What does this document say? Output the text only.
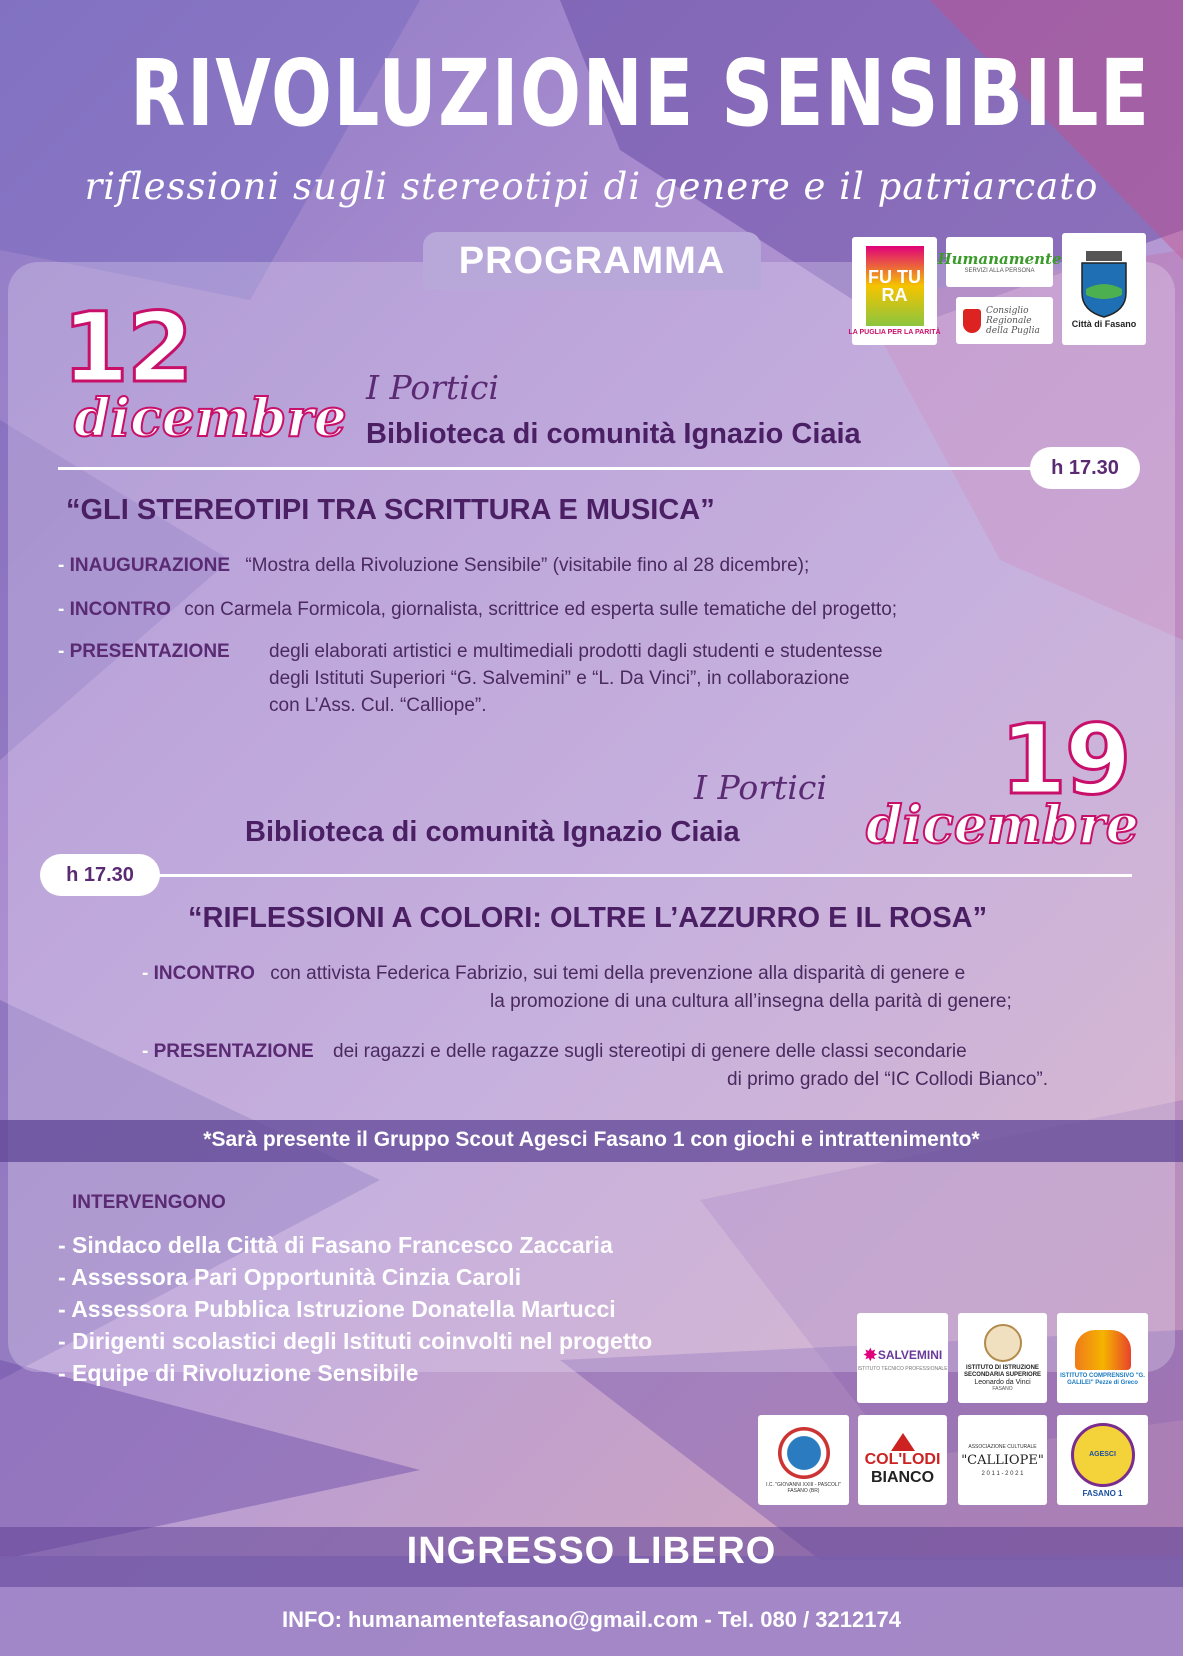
RIVOLUZIONE SENSIBILE
riflessioni sugli stereotipi di genere e il patriarcato
PROGRAMMA	FU TU RA
LA PUGLIA PER LA PARITÀ
Humanamente
SERVIZI ALLA PERSONA
Consiglio Regionale della Puglia
Città di Fasano
12
dicembre
I Portici
Biblioteca di comunità Ignazio Ciaia
h 17.30
“GLI STEREOTIPI TRA SCRITTURA E MUSICA”
- INAUGURAZIONE “Mostra della Rivoluzione Sensibile” (visitabile fino al 28 dicembre);
- INCONTRO con Carmela Formicola, giornalista, scrittrice ed esperta sulle tematiche del progetto;
- PRESENTAZIONE degli elaborati artistici e multimediali prodotti dagli studenti e studentesse
degli Istituti Superiori “G. Salvemini” e “L. Da Vinci”, in collaborazione
con L’Ass. Cul. “Calliope”.	19
dicembre
I Portici
Biblioteca di comunità Ignazio Ciaia
h 17.30
“RIFLESSIONI A COLORI: OLTRE L’AZZURRO E IL ROSA”
- INCONTRO con attivista Federica Fabrizio, sui temi della prevenzione alla disparità di genere e
la promozione di una cultura all’insegna della parità di genere;
- PRESENTAZIONE dei ragazzi e delle ragazze sugli stereotipi di genere delle classi secondarie
di primo grado del “IC Collodi Bianco”.
*Sarà presente il Gruppo Scout Agesci Fasano 1 con giochi e intrattenimento*
INTERVENGONO
- Sindaco della Città di Fasano Francesco Zaccaria
- Assessora Pari Opportunità Cinzia Caroli
- Assessora Pubblica Istruzione Donatella Martucci
- Dirigenti scolastici degli Istituti coinvolti nel progetto
- Equipe di Rivoluzione Sensibile
✸ SALVEMINI
ISTITUTO TECNICO PROFESSIONALE	ISTITUTO DI ISTRUZIONE SECONDARIA SUPERIORE
Leonardo da Vinci
FASANO
ISTITUTO COMPRENSIVO "G. GALILEI" Pezze di Greco
I.C. "GIOVANNI XXIII - PASCOLI" FASANO (BR)
COL'LODI
BIANCO
ASSOCIAZIONE CULTURALE
"CALLIOPE"
2 0 1 1 - 2 0 2 1
AGESCI
FASANO 1
INGRESSO LIBERO
INFO: humanamentefasano@gmail.com - Tel. 080 / 3212174
